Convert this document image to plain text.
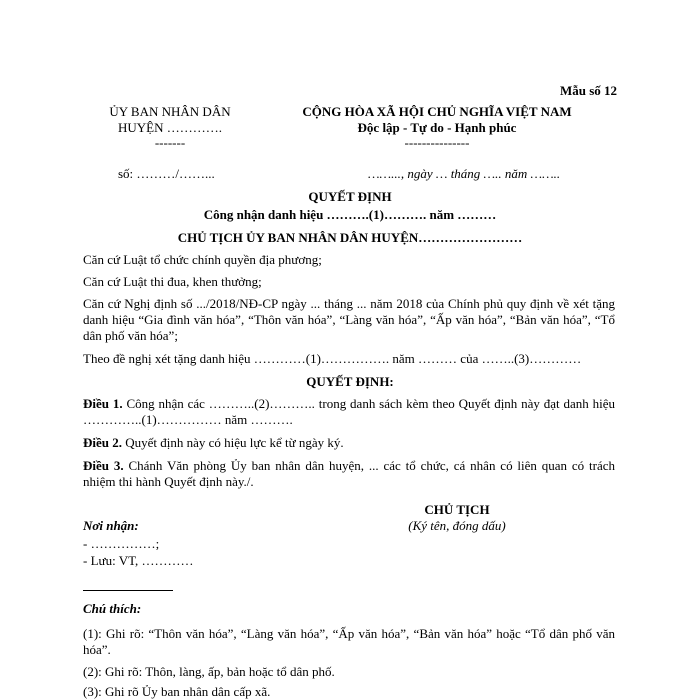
Mẫu số 12
ỦY BAN NHÂN DÂN
HUYỆN ………….
-------
CỘNG HÒA XÃ HỘI CHỦ NGHĨA VIỆT NAM
Độc lập - Tự do - Hạnh phúc
---------------
số: ………/……...	……..., ngày … tháng ….. năm ……..
QUYẾT ĐỊNH
Công nhận danh hiệu ……….(1)………. năm ………
CHỦ TỊCH ỦY BAN NHÂN DÂN HUYỆN……………………
Căn cứ Luật tổ chức chính quyền địa phương;
Căn cứ Luật thi đua, khen thưởng;
Căn cứ Nghị định số .../2018/NĐ-CP ngày ... tháng ... năm 2018 của Chính phủ quy định về xét tặng danh hiệu “Gia đình văn hóa”, “Thôn văn hóa”, “Làng văn hóa”, “Ấp văn hóa”, “Bản văn hóa”, “Tổ dân phố văn hóa”;
Theo đề nghị xét tặng danh hiệu …………(1)……………. năm ……… của ……..(3)…………
QUYẾT ĐỊNH:
Điều 1. Công nhận các ………..(2)……….. trong danh sách kèm theo Quyết định này đạt danh hiệu …………..(1)…………… năm ……….
Điều 2. Quyết định này có hiệu lực kể từ ngày ký.
Điều 3. Chánh Văn phòng Ủy ban nhân dân huyện, ... các tổ chức, cá nhân có liên quan có trách nhiệm thi hành Quyết định này./.
CHỦ TỊCH
(Ký tên, đóng dấu)
Nơi nhận:
- ……………;
- Lưu: VT, …………
Chú thích:
(1): Ghi rõ: “Thôn văn hóa”, “Làng văn hóa”, “Ấp văn hóa”, “Bản văn hóa” hoặc “Tổ dân phố văn hóa”.
(2): Ghi rõ: Thôn, làng, ấp, bản hoặc tổ dân phố.
(3): Ghi rõ Ủy ban nhân dân cấp xã.
